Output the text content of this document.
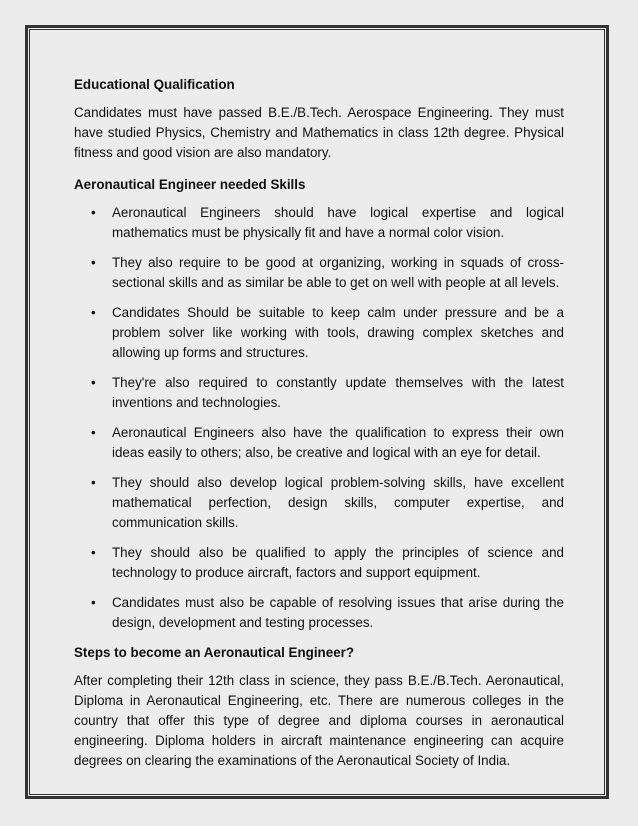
Educational Qualification

Candidates must have passed B.E./B.Tech. Aerospace Engineering. They must have studied Physics, Chemistry and Mathematics in class 12th degree. Physical fitness and good vision are also mandatory.

Aeronautical Engineer needed Skills
• Aeronautical Engineers should have logical expertise and logical mathematics must be physically fit and have a normal color vision.
• They also require to be good at organizing, working in squads of cross-sectional skills and as similar be able to get on well with people at all levels.
• Candidates Should be suitable to keep calm under pressure and be a problem solver like working with tools, drawing complex sketches and allowing up forms and structures.
• They're also required to constantly update themselves with the latest inventions and technologies.
• Aeronautical Engineers also have the qualification to express their own ideas easily to others; also, be creative and logical with an eye for detail.
• They should also develop logical problem-solving skills, have excellent mathematical perfection, design skills, computer expertise, and communication skills.
• They should also be qualified to apply the principles of science and technology to produce aircraft, factors and support equipment.
• Candidates must also be capable of resolving issues that arise during the design, development and testing processes.
Steps to become an Aeronautical Engineer?

After completing their 12th class in science, they pass B.E./B.Tech. Aeronautical, Diploma in Aeronautical Engineering, etc. There are numerous colleges in the country that offer this type of degree and diploma courses in aeronautical engineering. Diploma holders in aircraft maintenance engineering can acquire degrees on clearing the examinations of the Aeronautical Society of India.
